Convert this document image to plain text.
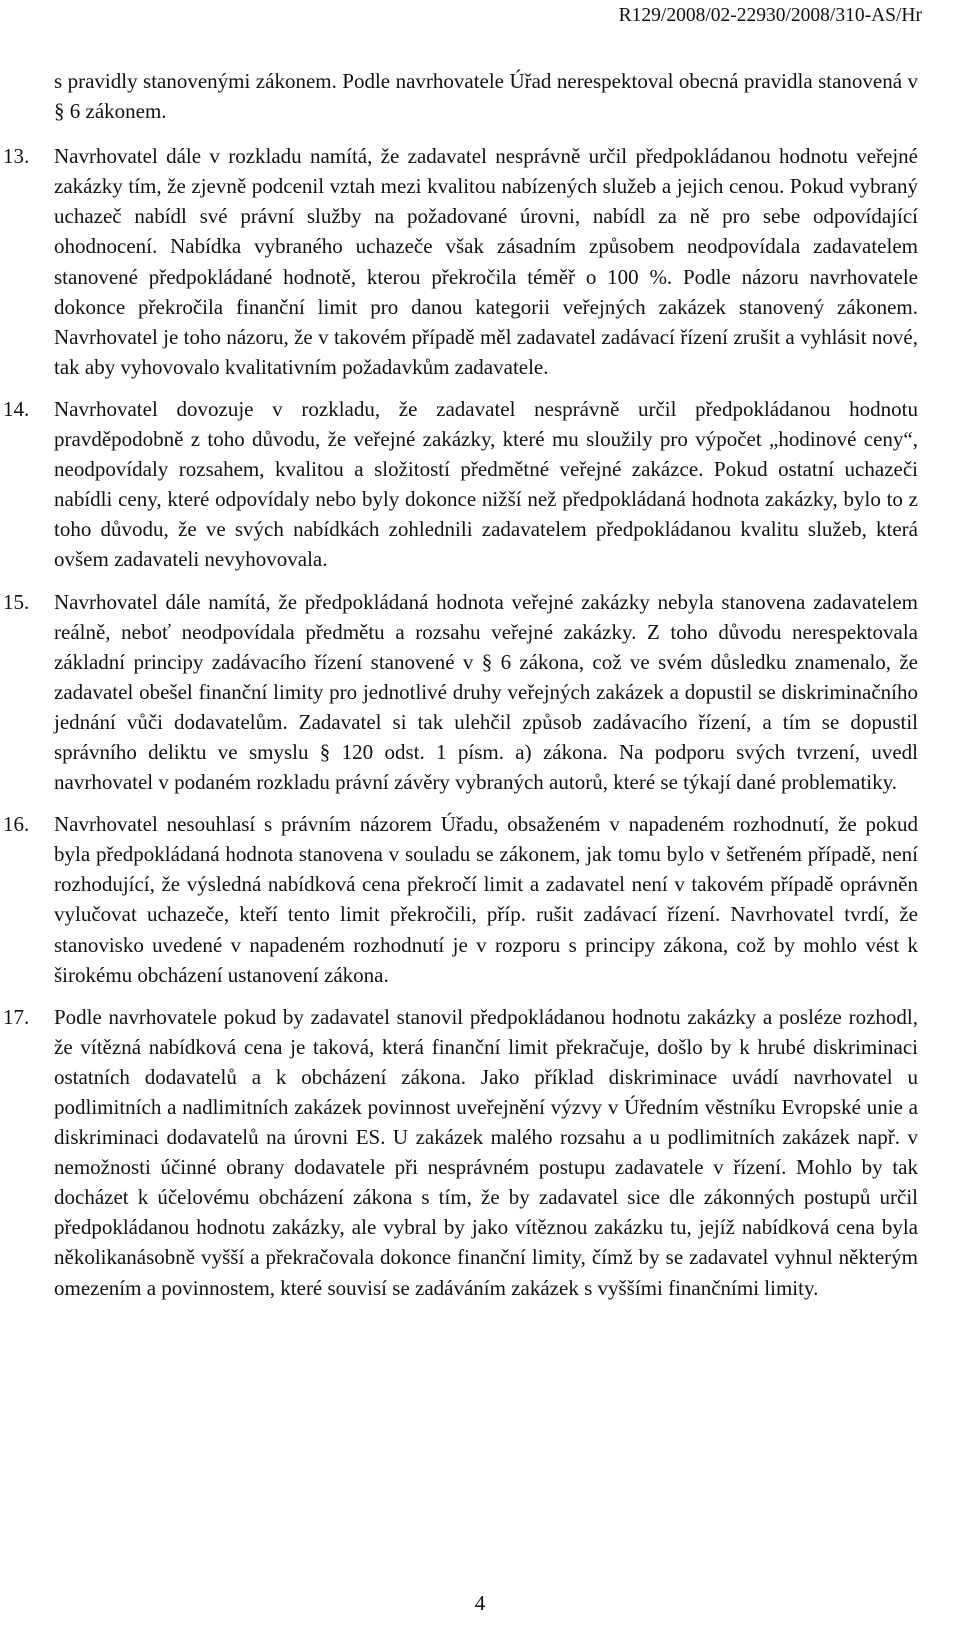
R129/2008/02-22930/2008/310-AS/Hr

s pravidly stanovenými zákonem. Podle navrhovatele Úřad nerespektoval obecná pravidla stanovená v § 6 zákonem.

13.	Navrhovatel dále v rozkladu namítá, že zadavatel nesprávně určil předpokládanou hodnotu veřejné zakázky tím, že zjevně podcenil vztah mezi kvalitou nabízených služeb a jejich cenou. Pokud vybraný uchazeč nabídl své právní služby na požadované úrovni, nabídl za ně pro sebe odpovídající ohodnocení. Nabídka vybraného uchazeče však zásadním způsobem neodpovídala zadavatelem stanovené předpokládané hodnotě, kterou překročila téměř o 100 %. Podle názoru navrhovatele dokonce překročila finanční limit pro danou kategorii veřejných zakázek stanovený zákonem. Navrhovatel je toho názoru, že v takovém případě měl zadavatel zadávací řízení zrušit a vyhlásit nové, tak aby vyhovovalo kvalitativním požadavkům zadavatele.
14.	Navrhovatel dovozuje v rozkladu, že zadavatel nesprávně určil předpokládanou hodnotu pravděpodobně z toho důvodu, že veřejné zakázky, které mu sloužily pro výpočet „hodinové ceny“, neodpovídaly rozsahem, kvalitou a složitostí předmětné veřejné zakázce. Pokud ostatní uchazeči nabídli ceny, které odpovídaly nebo byly dokonce nižší než předpokládaná hodnota zakázky, bylo to z toho důvodu, že ve svých nabídkách zohlednili zadavatelem předpokládanou kvalitu služeb, která ovšem zadavateli nevyhovovala.
15.	Navrhovatel dále namítá, že předpokládaná hodnota veřejné zakázky nebyla stanovena zadavatelem reálně, neboť neodpovídala předmětu a rozsahu veřejné zakázky. Z toho důvodu nerespektovala základní principy zadávacího řízení stanovené v § 6 zákona, což ve svém důsledku znamenalo, že zadavatel obešel finanční limity pro jednotlivé druhy veřejných zakázek a dopustil se diskriminačního jednání vůči dodavatelům. Zadavatel si tak ulehčil způsob zadávacího řízení, a tím se dopustil správního deliktu ve smyslu § 120 odst. 1 písm. a) zákona. Na podporu svých tvrzení, uvedl navrhovatel v podaném rozkladu právní závěry vybraných autorů, které se týkají dané problematiky.
16.	Navrhovatel nesouhlasí s právním názorem Úřadu, obsaženém v napadeném rozhodnutí, že pokud byla předpokládaná hodnota stanovena v souladu se zákonem, jak tomu bylo v šetřeném případě, není rozhodující, že výsledná nabídková cena překročí limit a zadavatel není v takovém případě oprávněn vylučovat uchazeče, kteří tento limit překročili, příp. rušit zadávací řízení. Navrhovatel tvrdí, že stanovisko uvedené v napadeném rozhodnutí je v rozporu s principy zákona, což by mohlo vést k širokému obcházení ustanovení zákona.
17.	Podle navrhovatele pokud by zadavatel stanovil předpokládanou hodnotu zakázky a posléze rozhodl, že vítězná nabídková cena je taková, která finanční limit překračuje, došlo by k hrubé diskriminaci ostatních dodavatelů a k obcházení zákona. Jako příklad diskriminace uvádí navrhovatel u podlimitních a nadlimitních zakázek povinnost uveřejnění výzvy v Úředním věstníku Evropské unie a diskriminaci dodavatelů na úrovni ES. U zakázek malého rozsahu a u podlimitních zakázek např. v nemožnosti účinné obrany dodavatele při nesprávném postupu zadavatele v řízení. Mohlo by tak docházet k účelovému obcházení zákona s tím, že by zadavatel sice dle zákonných postupů určil předpokládanou hodnotu zakázky, ale vybral by jako vítěznou zakázku tu, jejíž nabídková cena byla několikanásobně vyšší a překračovala dokonce finanční limity, čímž by se zadavatel vyhnul některým omezením a povinnostem, které souvisí se zadáváním zakázek s vyššími finančními limity.
4
